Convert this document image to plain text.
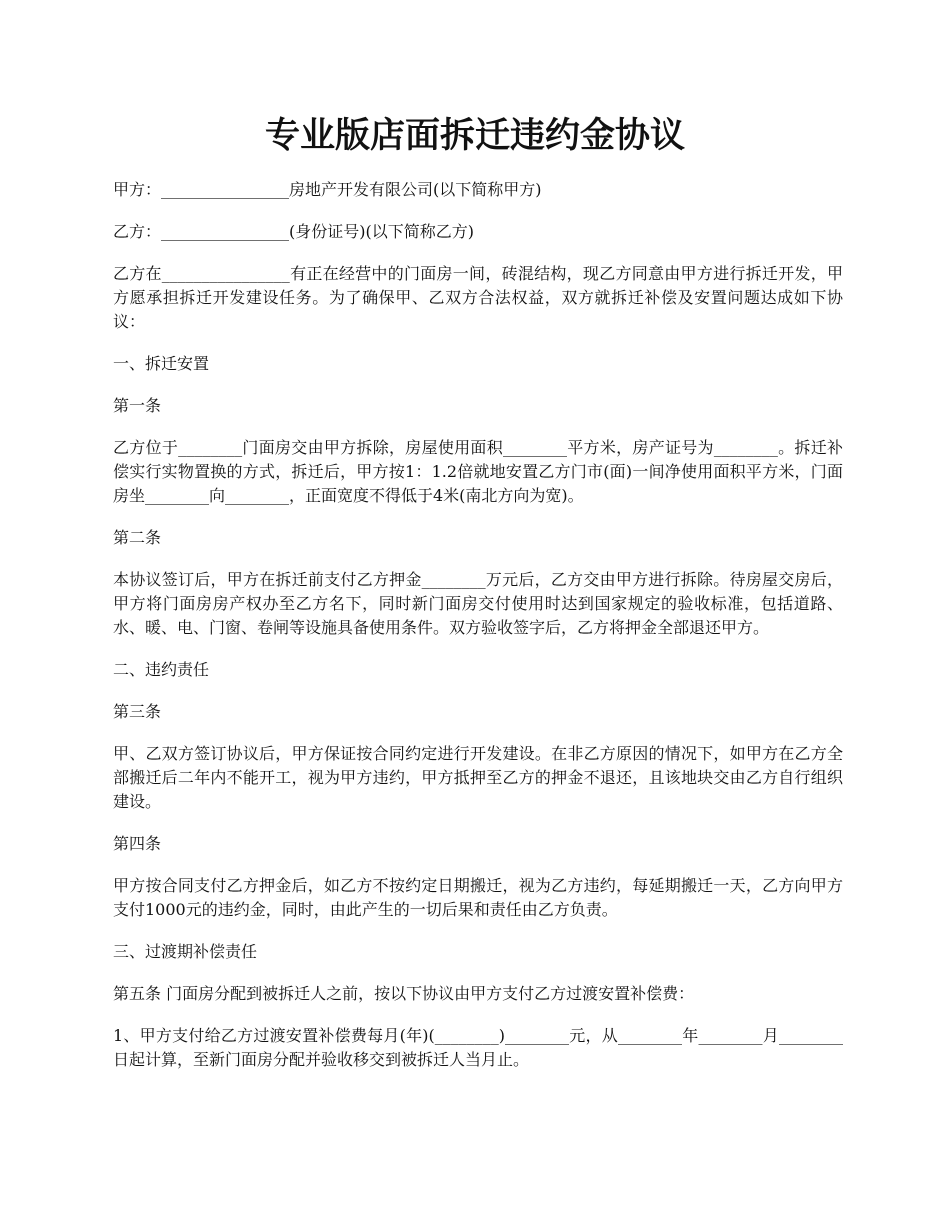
专业版店面拆迁违约金协议

甲方：________________房地产开发有限公司(以下简称甲方)

乙方：________________(身份证号)(以下简称乙方)

乙方在________________有正在经营中的门面房一间，砖混结构，现乙方同意由甲方进行拆迁开发，甲方愿承担拆迁开发建设任务。为了确保甲、乙双方合法权益，双方就拆迁补偿及安置问题达成如下协议：

一、拆迁安置

第一条

乙方位于________门面房交由甲方拆除，房屋使用面积________平方米，房产证号为________。拆迁补偿实行实物置换的方式，拆迁后，甲方按1：1.2倍就地安置乙方门市(面)一间净使用面积平方米，门面房坐________向________，正面宽度不得低于4米(南北方向为宽)。

第二条

本协议签订后，甲方在拆迁前支付乙方押金________万元后，乙方交由甲方进行拆除。待房屋交房后，甲方将门面房房产权办至乙方名下，同时新门面房交付使用时达到国家规定的验收标准，包括道路、水、暖、电、门窗、卷闸等设施具备使用条件。双方验收签字后，乙方将押金全部退还甲方。

二、违约责任

第三条

甲、乙双方签订协议后，甲方保证按合同约定进行开发建设。在非乙方原因的情况下，如甲方在乙方全部搬迁后二年内不能开工，视为甲方违约，甲方抵押至乙方的押金不退还，且该地块交由乙方自行组织建设。

第四条

甲方按合同支付乙方押金后，如乙方不按约定日期搬迁，视为乙方违约，每延期搬迁一天，乙方向甲方支付1000元的违约金，同时，由此产生的一切后果和责任由乙方负责。

三、过渡期补偿责任

第五条 门面房分配到被拆迁人之前，按以下协议由甲方支付乙方过渡安置补偿费：

1、甲方支付给乙方过渡安置补偿费每月(年)(________)________元，从________年________月________日起计算，至新门面房分配并验收移交到被拆迁人当月止。
